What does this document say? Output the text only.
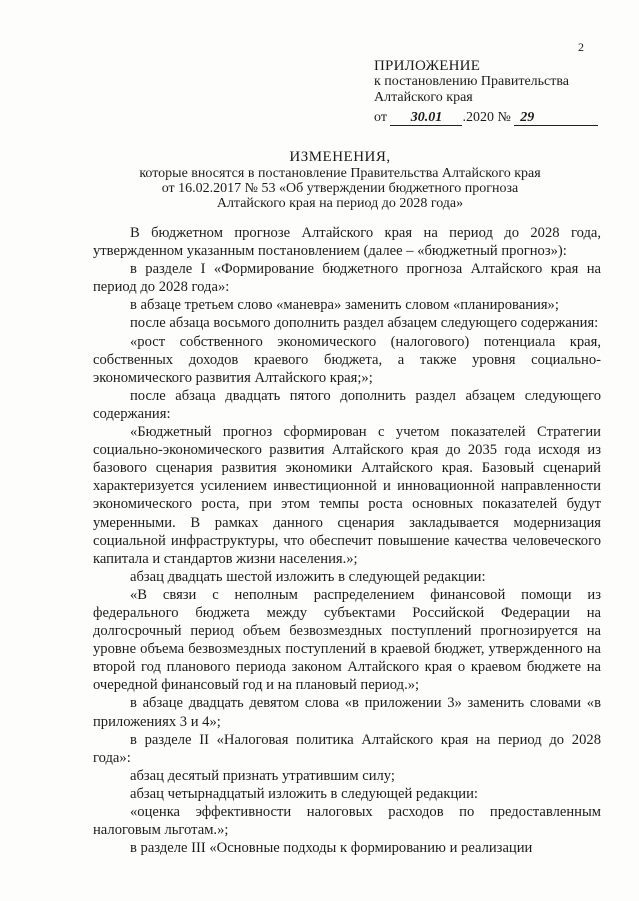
2
ПРИЛОЖЕНИЕ
к постановлению Правительства
Алтайского края
от 30.01 .2020 № 29
ИЗМЕНЕНИЯ,
которые вносятся в постановление Правительства Алтайского края
от 16.02.2017 № 53 «Об утверждении бюджетного прогноза
Алтайского края на период до 2028 года»

В бюджетном прогнозе Алтайского края на период до 2028 года, утвержденном указанным постановлением (далее – «бюджетный прогноз»):

в разделе I «Формирование бюджетного прогноза Алтайского края на период до 2028 года»:

в абзаце третьем слово «маневра» заменить словом «планирования»;

после абзаца восьмого дополнить раздел абзацем следующего содержания:

«рост собственного экономического (налогового) потенциала края, собственных доходов краевого бюджета, а также уровня социально-экономического развития Алтайского края;»;

после абзаца двадцать пятого дополнить раздел абзацем следующего содержания:

«Бюджетный прогноз сформирован с учетом показателей Стратегии социально-экономического развития Алтайского края до 2035 года исходя из базового сценария развития экономики Алтайского края. Базовый сценарий характеризуется усилением инвестиционной и инновационной направленности экономического роста, при этом темпы роста основных показателей будут умеренными. В рамках данного сценария закладывается модернизация социальной инфраструктуры, что обеспечит повышение качества человеческого капитала и стандартов жизни населения.»;

абзац двадцать шестой изложить в следующей редакции:

«В связи с неполным распределением финансовой помощи из федерального бюджета между субъектами Российской Федерации на долгосрочный период объем безвозмездных поступлений прогнозируется на уровне объема безвозмездных поступлений в краевой бюджет, утвержденного на второй год планового периода законом Алтайского края о краевом бюджете на очередной финансовый год и на плановый период.»;

в абзаце двадцать девятом слова «в приложении 3» заменить словами «в приложениях 3 и 4»;

в разделе II «Налоговая политика Алтайского края на период до 2028 года»:

абзац десятый признать утратившим силу;

абзац четырнадцатый изложить в следующей редакции:

«оценка эффективности налоговых расходов по предоставленным налоговым льготам.»;

в разделе III «Основные подходы к формированию и реализации
